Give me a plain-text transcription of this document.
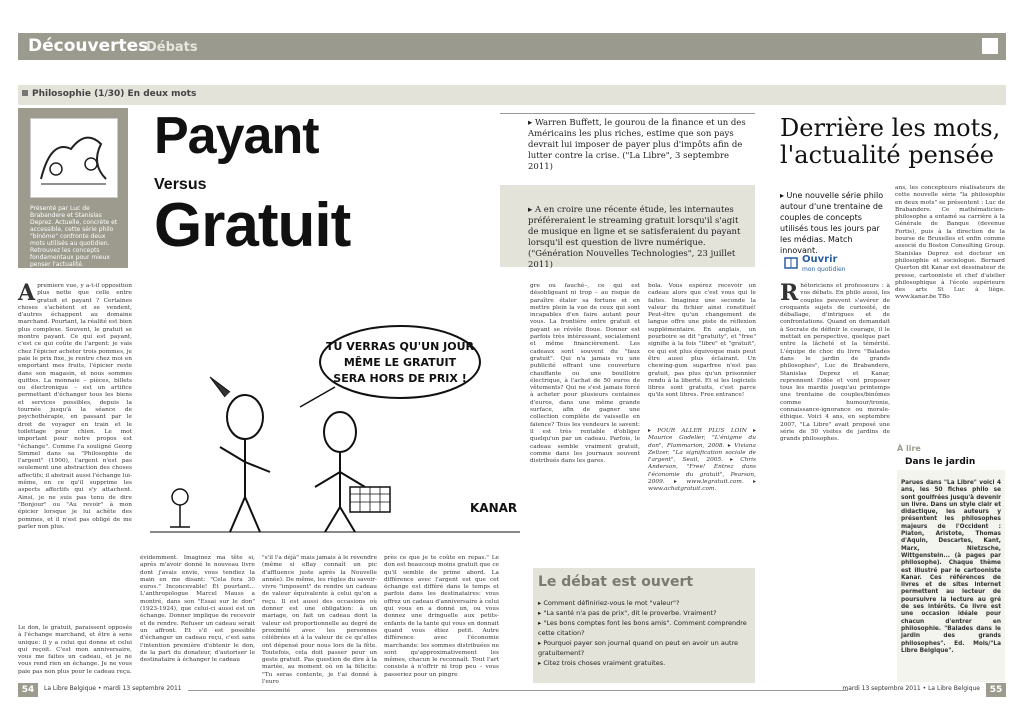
Découvertes
Débats
Philosophie (1/30) En deux mots
Présenté par Luc de Brabandere et Stanislas Deprez. Actuelle, concrète et accessible, cette série philo "binôme" confronte deux mots utilisés au quotidien. Retrouvez les concepts fondamentaux pour mieux penser l'actualité.
Payant
Versus
Gratuit
▸ Warren Buffett, le gourou de la finance et un des Américains les plus riches, estime que son pays devrait lui imposer de payer plus d'impôts afin de lutter contre la crise. ("La Libre", 3 septembre 2011)
▸ A en croire une récente étude, les internautes préféreraient le streaming gratuit lorsqu'il s'agit de musique en ligne et se satisferaient du payant lorsqu'il est question de livre numérique. ("Génération Nouvelles Technologies", 23 juillet 2011)
Derrière les mots, l'actualité pensée
▸ Une nouvelle série philo autour d'une trentaine de couples de concepts utilisés tous les jours par les médias. Match innovant.
Ouvrir
mon quotidien
ans, les concepteurs réalisateurs de cette nouvelle série "la philosophie en deux mots" se présentent : Luc de Brabandere. Ce mathématicien-philosophe a entamé sa carrière à la Générale de Banque (devenue Fortis), puis à la direction de la bourse de Bruxelles et enfin comme associé du Boston Consulting Group. Stanislas Deprez est docteur en philosophie et sociologue. Bernard Querton dit Kanar est dessinateur de presse, cartooniste et chef d'atelier philosophique à l'école supérieure des arts St Luc à liège. www.kanar.be TBo
Apremiere vue, y a-t-il opposition plus nette que celle entre gratuit et payant ? Certaines choses s'achètent et se vendent, d'autres échappent au domaine marchand. Pourtant, la réalité est bien plus complexe. Souvent, le gratuit se montre payant. Ce qui est payant, c'est ce qui coûte de l'argent: je vais chez l'épicier acheter trois pommes, je paie le prix fixe, je rentre chez moi en emportant mes fruits, l'épicier reste dans son magasin, et nous sommes quittes. La monnaie – pièces, billets ou électronique – est un artifice permettant d'échanger tous les biens et services possibles, depuis la tournée jusqu'à la séance de psychothérapie, en passant par le droit de voyager en train et le toilettage pour chien. Le mot important pour notre propos est "échange". Comme l'a souligné Georg Simmel dans sa "Philosophie de l'argent" (1900), l'argent n'est pas seulement une abstraction des choses affectifs; il abstrait aussi l'échange lui-même, en ce qu'il supprime les aspects affectifs qui s'y attachent. Ainsi, je ne suis pas tenu de dire "Bonjour" ou "Au revoir" à mon épicier lorsque je lui achète des pommes, et il n'est pas obligé de me parler non plus.
Le don, le gratuit, paraissent opposés à l'échange marchand, et être à sens unique: il y a celui qui donne et celui qui reçoit. C'est mon anniversaire, vous me faites un cadeau, et je ne vous rend rien en échange. Je ne vous paie pas non plus pour le cadeau reçu.
évidemment. Imaginez ma tête si, après m'avoir donné le nouveau livre dont j'avais envie, vous tendiez la main en me disant: "Cela fera 30 euros." Inconcevable! Et pourtant... L'anthropologue Marcel Mauss a montré, dans son "Essai sur le don" (1923-1924), que celui-ci aussi est un échange. Donner implique de recevoir et de rendre. Refuser un cadeau serait un affront. Et s'il est possible d'échanger un cadeau reçu, c'est sans l'intention première d'obtenir le don, de la part du donateur, d'autoriser le destinataire à échanger le cadeau
"s'il l'a déjà" mais jamais à le revendre (même si eBay connaît un pic d'affluence juste après la Nouvelle année). De même, les règles du savoir-vivre "imposent" de rendre un cadeau de valeur équivalente à celui qu'on a reçu. Il est aussi des occasions où donner est une obligation: à un mariage, on fait un cadeau dont la valeur est proportionnelle au degré de proximité avec les personnes célébrées et à la valeur de ce qu'elles ont dépensé pour nous lors de la fête. Toutefois, cela doit passer pour un geste gratuit. Pas question de dire à la mariée, au moment où on la félicite: "Tu seras contente, je t'ai donné à l'euro
près ce que je te coûte en repas." Le don est beaucoup moins gratuit que ce qu'il semble de prime abord. La différence avec l'argent est que cet échange est différé dans le temps et parfois dans les destinataires: vous offrez un cadeau d'anniversaire à celui qui vous en a donné un, ou vous donnez une dringuelle aux petits-enfants de la tante qui vous en donnait quand vous étiez petit. Autre différence avec l'économie marchande: les sommes distribuées ne sont qu'approximativement les mêmes, chacun le reconnaît. Tout l'art consiste à n'offrir ni trop peu – vous passeriez pour un pingre
gre ou fauché–, ce qui est désobligeant ni trop – au risque de paraître étaler sa fortune et en mettre plein la vue de ceux qui sont incapables d'en faire autant pour vous. La frontière entre gratuit et payant se révèle floue. Donner est parfois très intéressant, socialement et même financièrement. Les cadeaux sont souvent du "faux gratuit". Qui n'a jamais vu une publicité offrant une couverture chauffante ou une bouilloire électrique, à l'achat de 50 euros de vêtements? Qui ne s'est jamais forcé à acheter pour plusieurs centaines d'euros, dans une même grande surface, afin de gagner une collection complète de vaisselle en faïence? Tous les vendeurs le savent: il est très rentable d'obliger quelqu'un par un cadeau. Parfois, le cadeau semble vraiment gratuit, comme dans les journaux souvent distribués dans les gares.
bola. Vous espérez recevoir un cadeau alors que c'est vous qui le faites. Imaginez une seconde la valeur du fichier ainsi constitué! Peut-être qu'un changement de langue offre une piste de réflexion supplémentaire. En anglais, un pourboire se dit "gratuity", et "free" signifie à la fois "libre" et "gratuit", ce qui est plus équivoque mais peut être aussi plus éclairant. Un chewing-gum sugarfree n'est pas gratuit, pas plus qu'un prisonnier rendu à la liberté. Et si les logiciels libres sont gratuits, c'est parce qu'ils sont libres. Free entrance!
▸ POUR ALLER PLUS LOIN ▸ Maurice Godelier, "L'énigme du don", Flammarion, 2008. ▸ Viviana Zelizer, "La signification sociale de l'argent", Seuil, 2005. ▸ Chris Anderson, "Free! Entrez dans l'économie du gratuit", Pearson, 2009. ▸ www.legratuit.com. ▸ www.achatgratuit.com.
Rhétoriciens et professeurs : à vos débats. En philo aussi, les couples peuvent s'avérer de croquants sujets de curiosité, de déballage, d'intrigues et de confrontations. Quand on demandait à Socrate de définir le courage, il le mettait en perspective, quelque part entre la lâcheté et la témérité. L'équipe de choc du livre "Balades dans le jardin de grands philosophes", Luc de Brabandere, Stanislas Deprez et Kanar, reprennent l'idée et vont proposer tous les mardis jusqu'au printemps une trentaine de couples/binômes comme humour/ironie, connaissance-ignorance ou morale-éthique. Voici 4 ans, en septembre 2007, "La Libre" avait proposé une série de 50 visites de jardins de grands philosophes.
TU VERRAS QU'UN JOUR
MÊME LE GRATUIT
SERA HORS DE PRIX !
KANAR
Le débat est ouvert
▸ Comment définiriez-vous le mot "valeur"?
▸ "La santé n'a pas de prix", dit le proverbe. Vraiment?
▸ "Les bons comptes font les bons amis". Comment comprendre cette citation?
▸ Pourquoi payer son journal quand on peut en avoir un autre gratuitement?
▸ Citez trois choses vraiment gratuites.
À lire
Dans le jardin
Parues dans "La Libre" voici 4 ans, les 50 fiches philo se sont goulfrées jusqu'à devenir un livre. Dans un style clair et didactique, les auteurs y présentent les philosophes majeurs de l'Occident : Platon, Aristote, Thomas d'Aquin, Descartes, Kant, Marx, Nietzsche, Wittgenstein... (à pages par philosophe). Chaque thème est illustré par le cartooniste Kanar. Ces références de livres et de sites internet permettent au lecteur de poursuivre la lecture au gré de ses intérêts. Ce livre est une occasion idéale pour chacun d'entrer en philosophie. "Balades dans le jardin des grands philosophes". Ed. Mols/"La Libre Belgique".
54	La Libre Belgique • mardi 13 septembre 2011	mardi 13 septembre 2011 • La Libre Belgique	55
